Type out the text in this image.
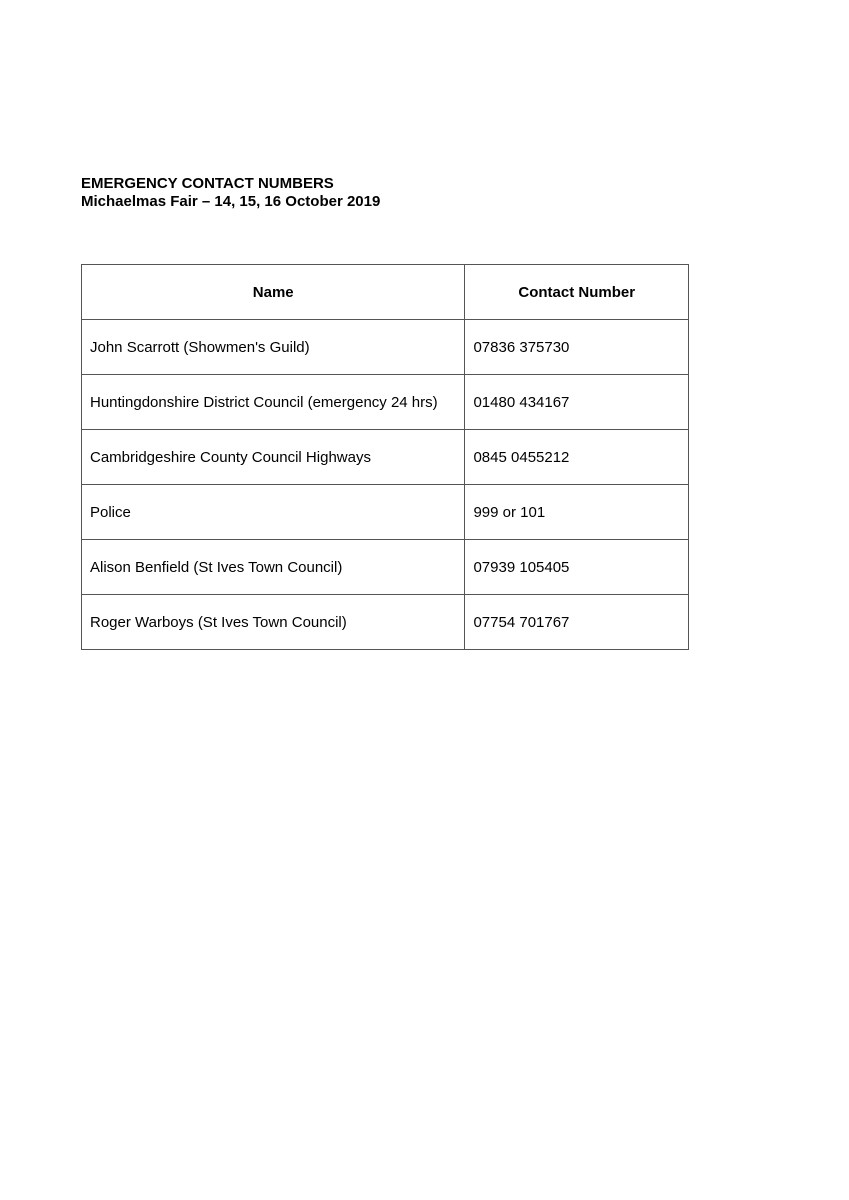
EMERGENCY CONTACT NUMBERS
Michaelmas Fair – 14, 15, 16 October 2019
Name	Contact Number
John Scarrott (Showmen's Guild)	07836 375730
Huntingdonshire District Council (emergency 24 hrs)	01480 434167
Cambridgeshire County Council Highways	0845 0455212
Police	999 or 101
Alison Benfield (St Ives Town Council)	07939 105405
Roger Warboys (St Ives Town Council)	07754 701767
